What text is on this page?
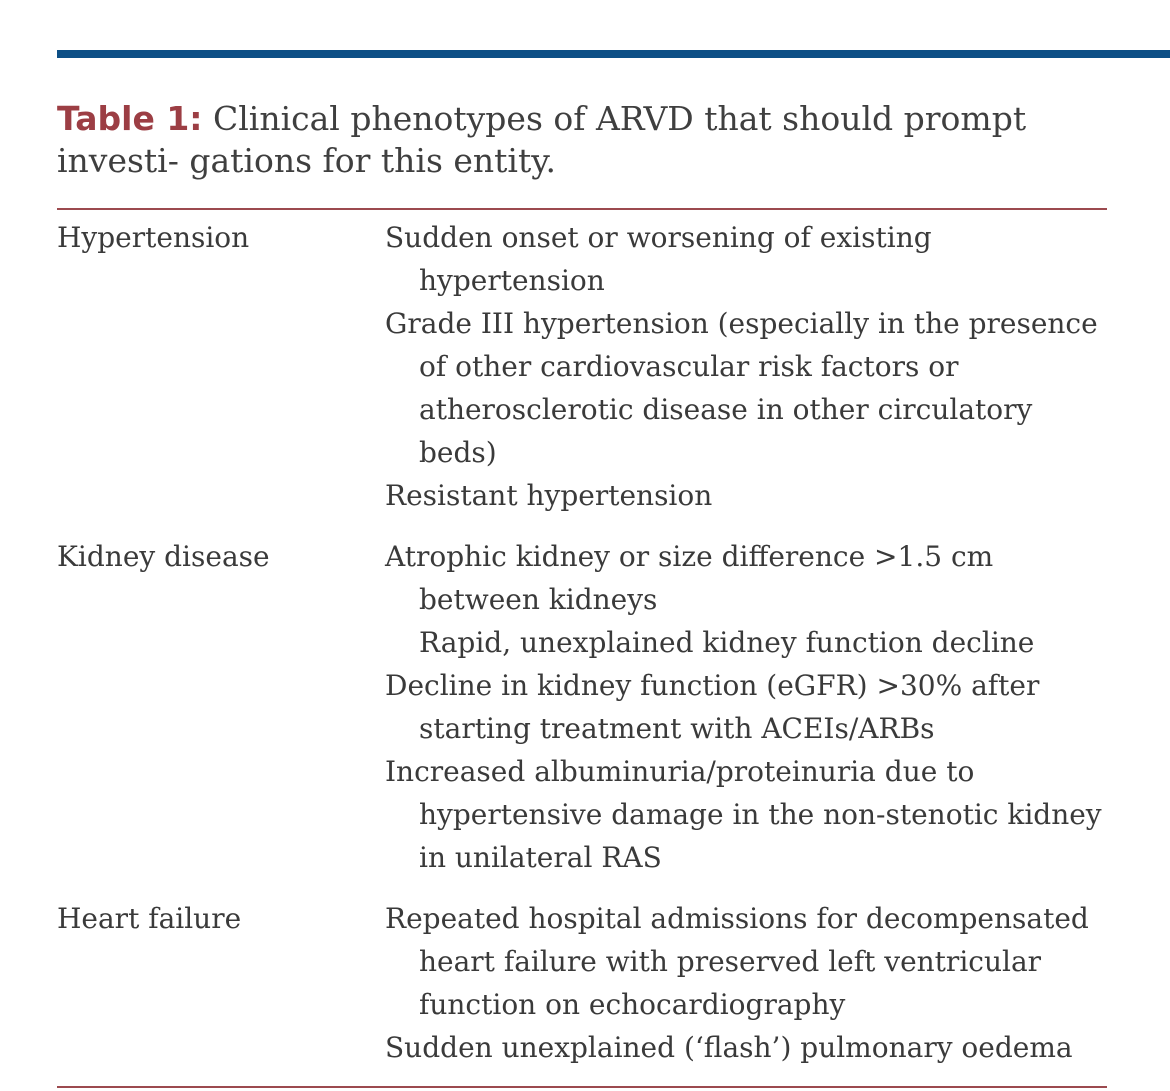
Table 1: Clinical phenotypes of ARVD that should prompt investi- gations for this entity.
Hypertension	Sudden onset or worsening of existing hypertension
Grade III hypertension (especially in the presence of other cardiovascular risk factors or atherosclerotic disease in other circulatory beds)
Resistant hypertension
Kidney disease	Atrophic kidney or size difference >1.5 cm between kidneys
Rapid, unexplained kidney function decline
Decline in kidney function (eGFR) >30% after starting treatment with ACEIs/ARBs
Increased albuminuria/proteinuria due to hypertensive damage in the non-stenotic kidney in unilateral RAS
Heart failure	Repeated hospital admissions for decompensated heart failure with preserved left ventricular function on echocardiography
Sudden unexplained (‘flash’) pulmonary oedema
